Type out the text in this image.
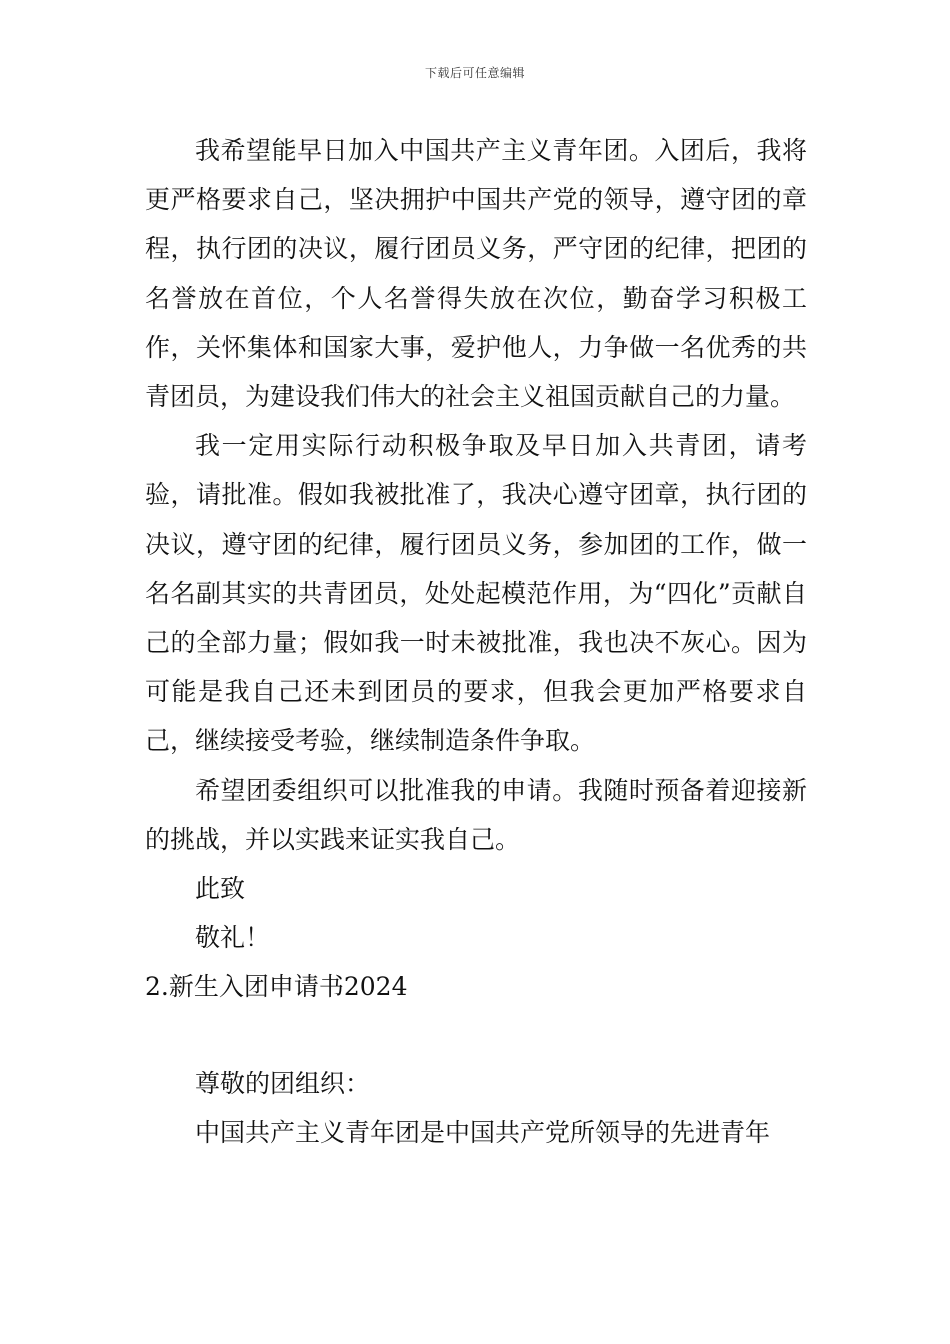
下载后可任意编辑

我希望能早日加入中国共产主义青年团。入团后，我将更严格要求自己，坚决拥护中国共产党的领导，遵守团的章程，执行团的决议，履行团员义务，严守团的纪律，把团的名誉放在首位，个人名誉得失放在次位，勤奋学习积极工作，关怀集体和国家大事，爱护他人，力争做一名优秀的共青团员，为建设我们伟大的社会主义祖国贡献自己的力量。

我一定用实际行动积极争取及早日加入共青团，请考验，请批准。假如我被批准了，我决心遵守团章，执行团的决议，遵守团的纪律，履行团员义务，参加团的工作，做一名名副其实的共青团员，处处起模范作用，为“四化”贡献自己的全部力量；假如我一时未被批准，我也决不灰心。因为可能是我自己还未到团员的要求，但我会更加严格要求自己，继续接受考验，继续制造条件争取。

希望团委组织可以批准我的申请。我随时预备着迎接新的挑战，并以实践来证实我自己。

此致

敬礼！

2.新生入团申请书2024

尊敬的团组织：

中国共产主义青年团是中国共产党所领导的先进青年
